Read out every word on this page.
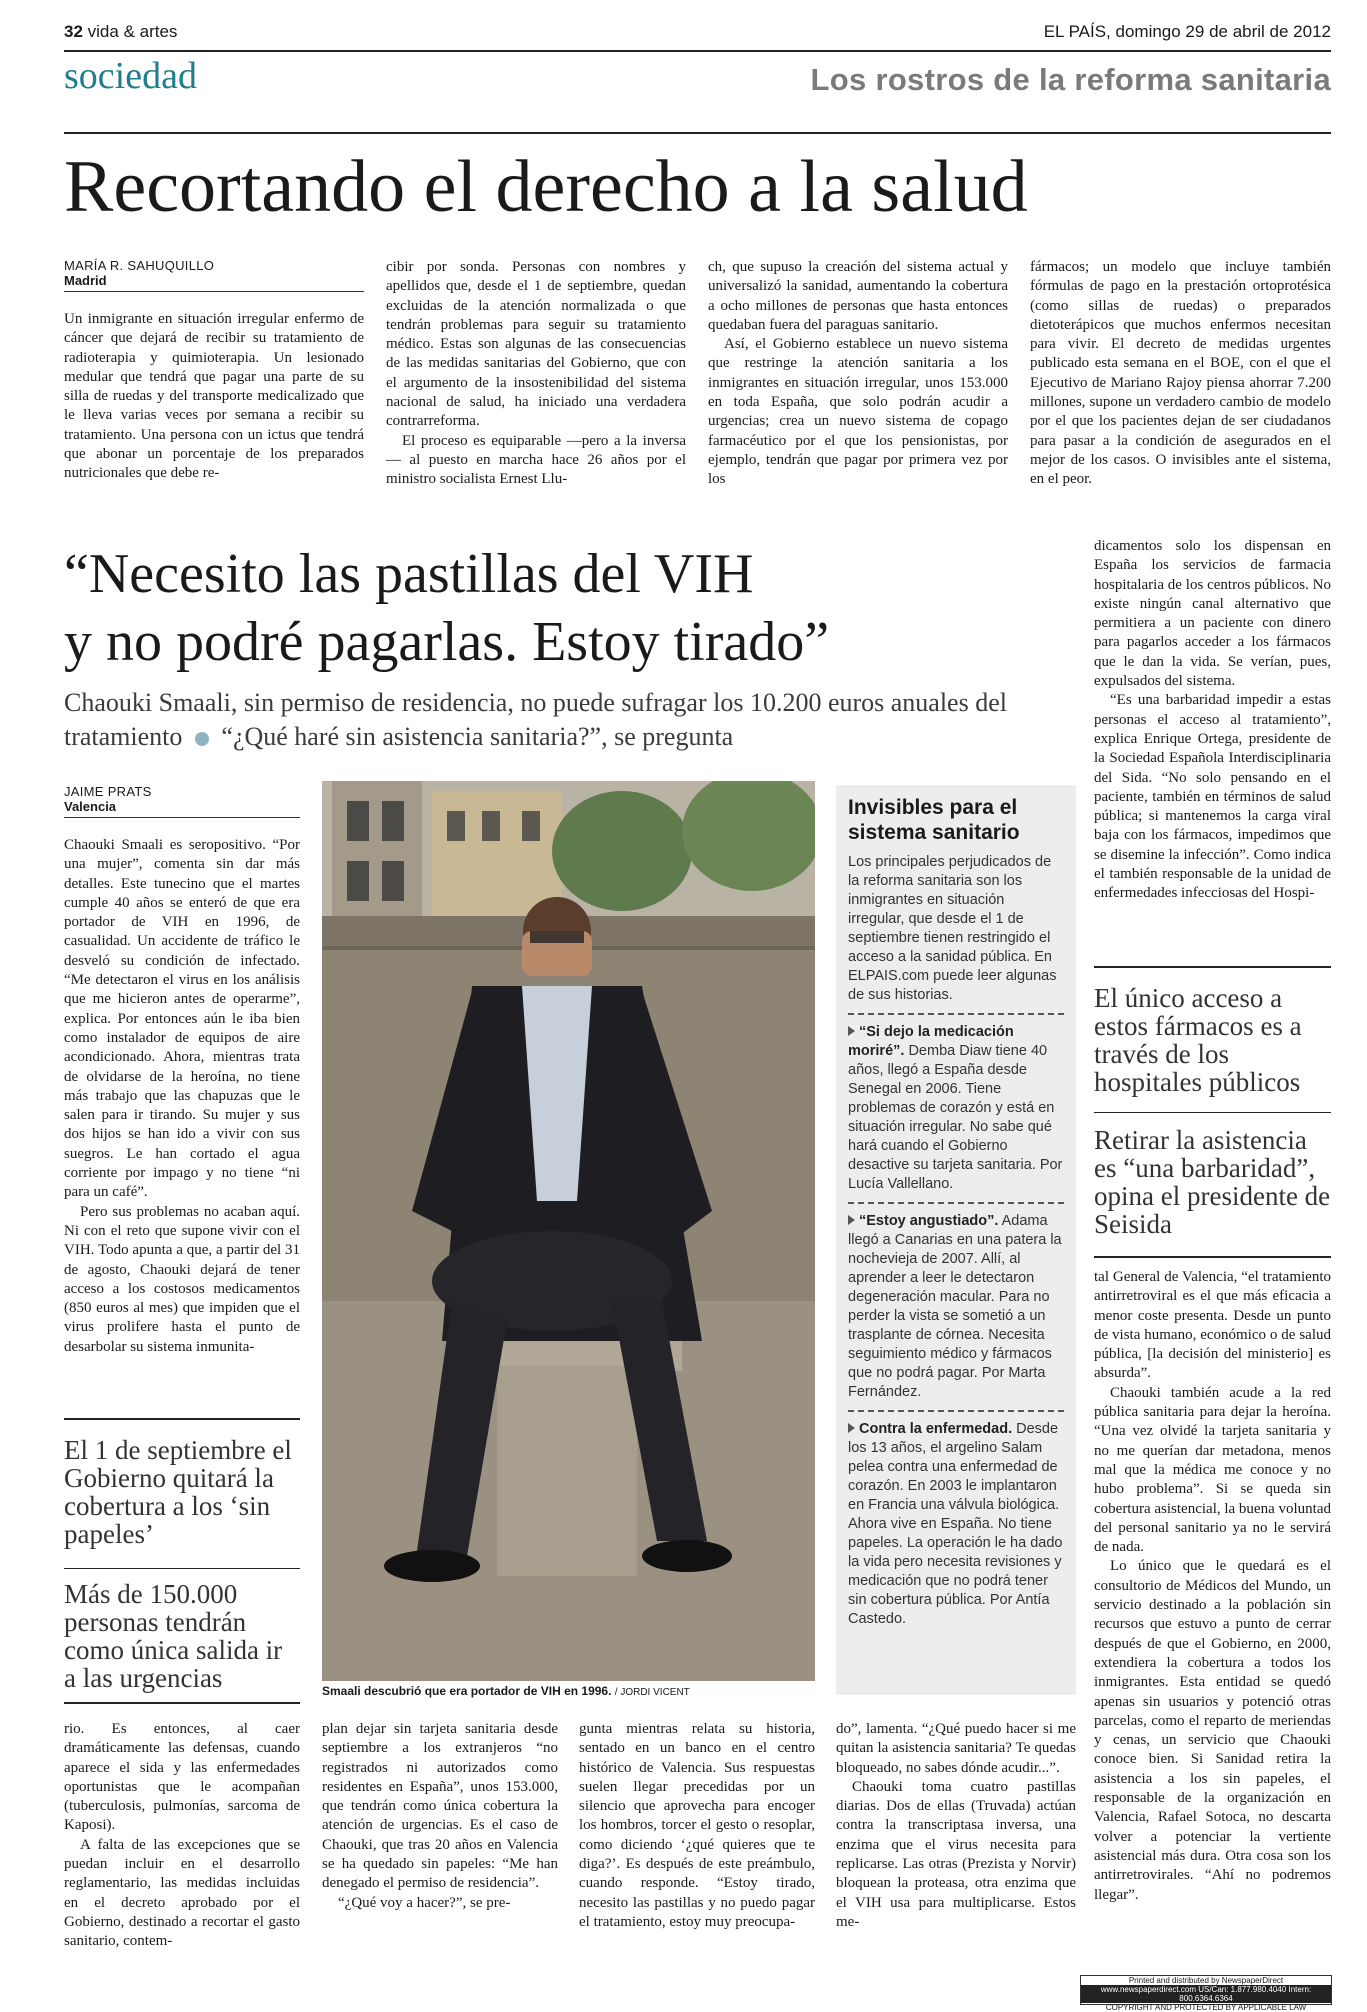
32 vida & artes	EL PAÍS, domingo 29 de abril de 2012
sociedad	Los rostros de la reforma sanitaria
Recortando el derecho a la salud
MARÍA R. SAHUQUILLO
Madrid

Un inmigrante en situación irregular enfermo de cáncer que dejará de recibir su tratamiento de radioterapia y quimioterapia. Un lesionado medular que tendrá que pagar una parte de su silla de ruedas y del transporte medicalizado que le lleva varias veces por semana a recibir su tratamiento. Una persona con un ictus que tendrá que abonar un porcentaje de los preparados nutricionales que debe re-

cibir por sonda. Personas con nombres y apellidos que, desde el 1 de septiembre, quedan excluidas de la atención normalizada o que tendrán problemas para seguir su tratamiento médico. Estas son algunas de las consecuencias de las medidas sanitarias del Gobierno, que con el argumento de la insostenibilidad del sistema nacional de salud, ha iniciado una verdadera contrarreforma.

El proceso es equiparable —pero a la inversa— al puesto en marcha hace 26 años por el ministro socialista Ernest Llu-

ch, que supuso la creación del sistema actual y universalizó la sanidad, aumentando la cobertura a ocho millones de personas que hasta entonces quedaban fuera del paraguas sanitario.

Así, el Gobierno establece un nuevo sistema que restringe la atención sanitaria a los inmigrantes en situación irregular, unos 153.000 en toda España, que solo podrán acudir a urgencias; crea un nuevo sistema de copago farmacéutico por el que los pensionistas, por ejemplo, tendrán que pagar por primera vez por los

fármacos; un modelo que incluye también fórmulas de pago en la prestación ortoprotésica (como sillas de ruedas) o preparados dietoterápicos que muchos enfermos necesitan para vivir. El decreto de medidas urgentes publicado esta semana en el BOE, con el que el Ejecutivo de Mariano Rajoy piensa ahorrar 7.200 millones, supone un verdadero cambio de modelo por el que los pacientes dejan de ser ciudadanos para pasar a la condición de asegurados en el mejor de los casos. O invisibles ante el sistema, en el peor.

“Necesito las pastillas del VIH
y no podré pagarlas. Estoy tirado”
Chaouki Smaali, sin permiso de residencia, no puede sufragar los 10.200 euros anuales del tratamiento “¿Qué haré sin asistencia sanitaria?”, se pregunta
JAIME PRATS
Valencia

Chaouki Smaali es seropositivo. “Por una mujer”, comenta sin dar más detalles. Este tunecino que el martes cumple 40 años se enteró de que era portador de VIH en 1996, de casualidad. Un accidente de tráfico le desveló su condición de infectado. “Me detectaron el virus en los análisis que me hicieron antes de operarme”, explica. Por entonces aún le iba bien como instalador de equipos de aire acondicionado. Ahora, mientras trata de olvidarse de la heroína, no tiene más trabajo que las chapuzas que le salen para ir tirando. Su mujer y sus dos hijos se han ido a vivir con sus suegros. Le han cortado el agua corriente por impago y no tiene “ni para un café”.

Pero sus problemas no acaban aquí. Ni con el reto que supone vivir con el VIH. Todo apunta a que, a partir del 31 de agosto, Chaouki dejará de tener acceso a los costosos medicamentos (850 euros al mes) que impiden que el virus prolifere hasta el punto de desarbolar su sistema inmunita-

El 1 de septiembre el Gobierno quitará la cobertura a los ‘sin papeles’
Más de 150.000 personas tendrán como única salida ir a las urgencias	Smaali descubrió que era portador de VIH en 1996. / JORDI VICENT
Invisibles para el sistema sanitario
Los principales perjudicados de la reforma sanitaria son los inmigrantes en situación irregular, que desde el 1 de septiembre tienen restringido el acceso a la sanidad pública. En ELPAIS.com puede leer algunas de sus historias.
“Si dejo la medicación moriré”. Demba Diaw tiene 40 años, llegó a España desde Senegal en 2006. Tiene problemas de corazón y está en situación irregular. No sabe qué hará cuando el Gobierno desactive su tarjeta sanitaria. Por Lucía Vallellano.
“Estoy angustiado”. Adama llegó a Canarias en una patera la nochevieja de 2007. Allí, al aprender a leer le detectaron degeneración macular. Para no perder la vista se sometió a un trasplante de córnea. Necesita seguimiento médico y fármacos que no podrá pagar. Por Marta Fernández.
Contra la enfermedad. Desde los 13 años, el argelino Salam pelea contra una enfermedad de corazón. En 2003 le implantaron en Francia una válvula biológica. Ahora vive en España. No tiene papeles. La operación le ha dado la vida pero necesita revisiones y medicación que no podrá tener sin cobertura pública. Por Antía Castedo.

dicamentos solo los dispensan en España los servicios de farmacia hospitalaria de los centros públicos. No existe ningún canal alternativo que permitiera a un paciente con dinero para pagarlos acceder a los fármacos que le dan la vida. Se verían, pues, expulsados del sistema.

“Es una barbaridad impedir a estas personas el acceso al tratamiento”, explica Enrique Ortega, presidente de la Sociedad Española Interdisciplinaria del Sida. “No solo pensando en el paciente, también en términos de salud pública; si mantenemos la carga viral baja con los fármacos, impedimos que se disemine la infección”. Como indica el también responsable de la unidad de enfermedades infecciosas del Hospi-

El único acceso a estos fármacos es a través de los hospitales públicos
Retirar la asistencia es “una barbaridad”, opina el presidente de Seisida

tal General de Valencia, “el tratamiento antirretroviral es el que más eficacia a menor coste presenta. Desde un punto de vista humano, económico o de salud pública, [la decisión del ministerio] es absurda”.

Chaouki también acude a la red pública sanitaria para dejar la heroína. “Una vez olvidé la tarjeta sanitaria y no me querían dar metadona, menos mal que la médica me conoce y no hubo problema”. Si se queda sin cobertura asistencial, la buena voluntad del personal sanitario ya no le servirá de nada.

Lo único que le quedará es el consultorio de Médicos del Mundo, un servicio destinado a la población sin recursos que estuvo a punto de cerrar después de que el Gobierno, en 2000, extendiera la cobertura a todos los inmigrantes. Esta entidad se quedó apenas sin usuarios y potenció otras parcelas, como el reparto de meriendas y cenas, un servicio que Chaouki conoce bien. Si Sanidad retira la asistencia a los sin papeles, el responsable de la organización en Valencia, Rafael Sotoca, no descarta volver a potenciar la vertiente asistencial más dura. Otra cosa son los antirretrovirales. “Ahí no podremos llegar”.

rio. Es entonces, al caer dramáticamente las defensas, cuando aparece el sida y las enfermedades oportunistas que le acompañan (tuberculosis, pulmonías, sarcoma de Kaposi).

A falta de las excepciones que se puedan incluir en el desarrollo reglamentario, las medidas incluidas en el decreto aprobado por el Gobierno, destinado a recortar el gasto sanitario, contem-

plan dejar sin tarjeta sanitaria desde septiembre a los extranjeros “no registrados ni autorizados como residentes en España”, unos 153.000, que tendrán como única cobertura la atención de urgencias. Es el caso de Chaouki, que tras 20 años en Valencia se ha quedado sin papeles: “Me han denegado el permiso de residencia”.

“¿Qué voy a hacer?”, se pre-

gunta mientras relata su historia, sentado en un banco en el centro histórico de Valencia. Sus respuestas suelen llegar precedidas por un silencio que aprovecha para encoger los hombros, torcer el gesto o resoplar, como diciendo ‘¿qué quieres que te diga?’. Es después de este preámbulo, cuando responde. “Estoy tirado, necesito las pastillas y no puedo pagar el tratamiento, estoy muy preocupa-

do”, lamenta. “¿Qué puedo hacer si me quitan la asistencia sanitaria? Te quedas bloqueado, no sabes dónde acudir...”.

Chaouki toma cuatro pastillas diarias. Dos de ellas (Truvada) actúan contra la transcriptasa inversa, una enzima que el virus necesita para replicarse. Las otras (Prezista y Norvir) bloquean la proteasa, otra enzima que el VIH usa para multiplicarse. Estos me-

Printed and distributed by NewspaperDirect
www.newspaperdirect.com US/Can: 1.877.980.4040 Intern: 800.6364.6364
COPYRIGHT AND PROTECTED BY APPLICABLE LAW
